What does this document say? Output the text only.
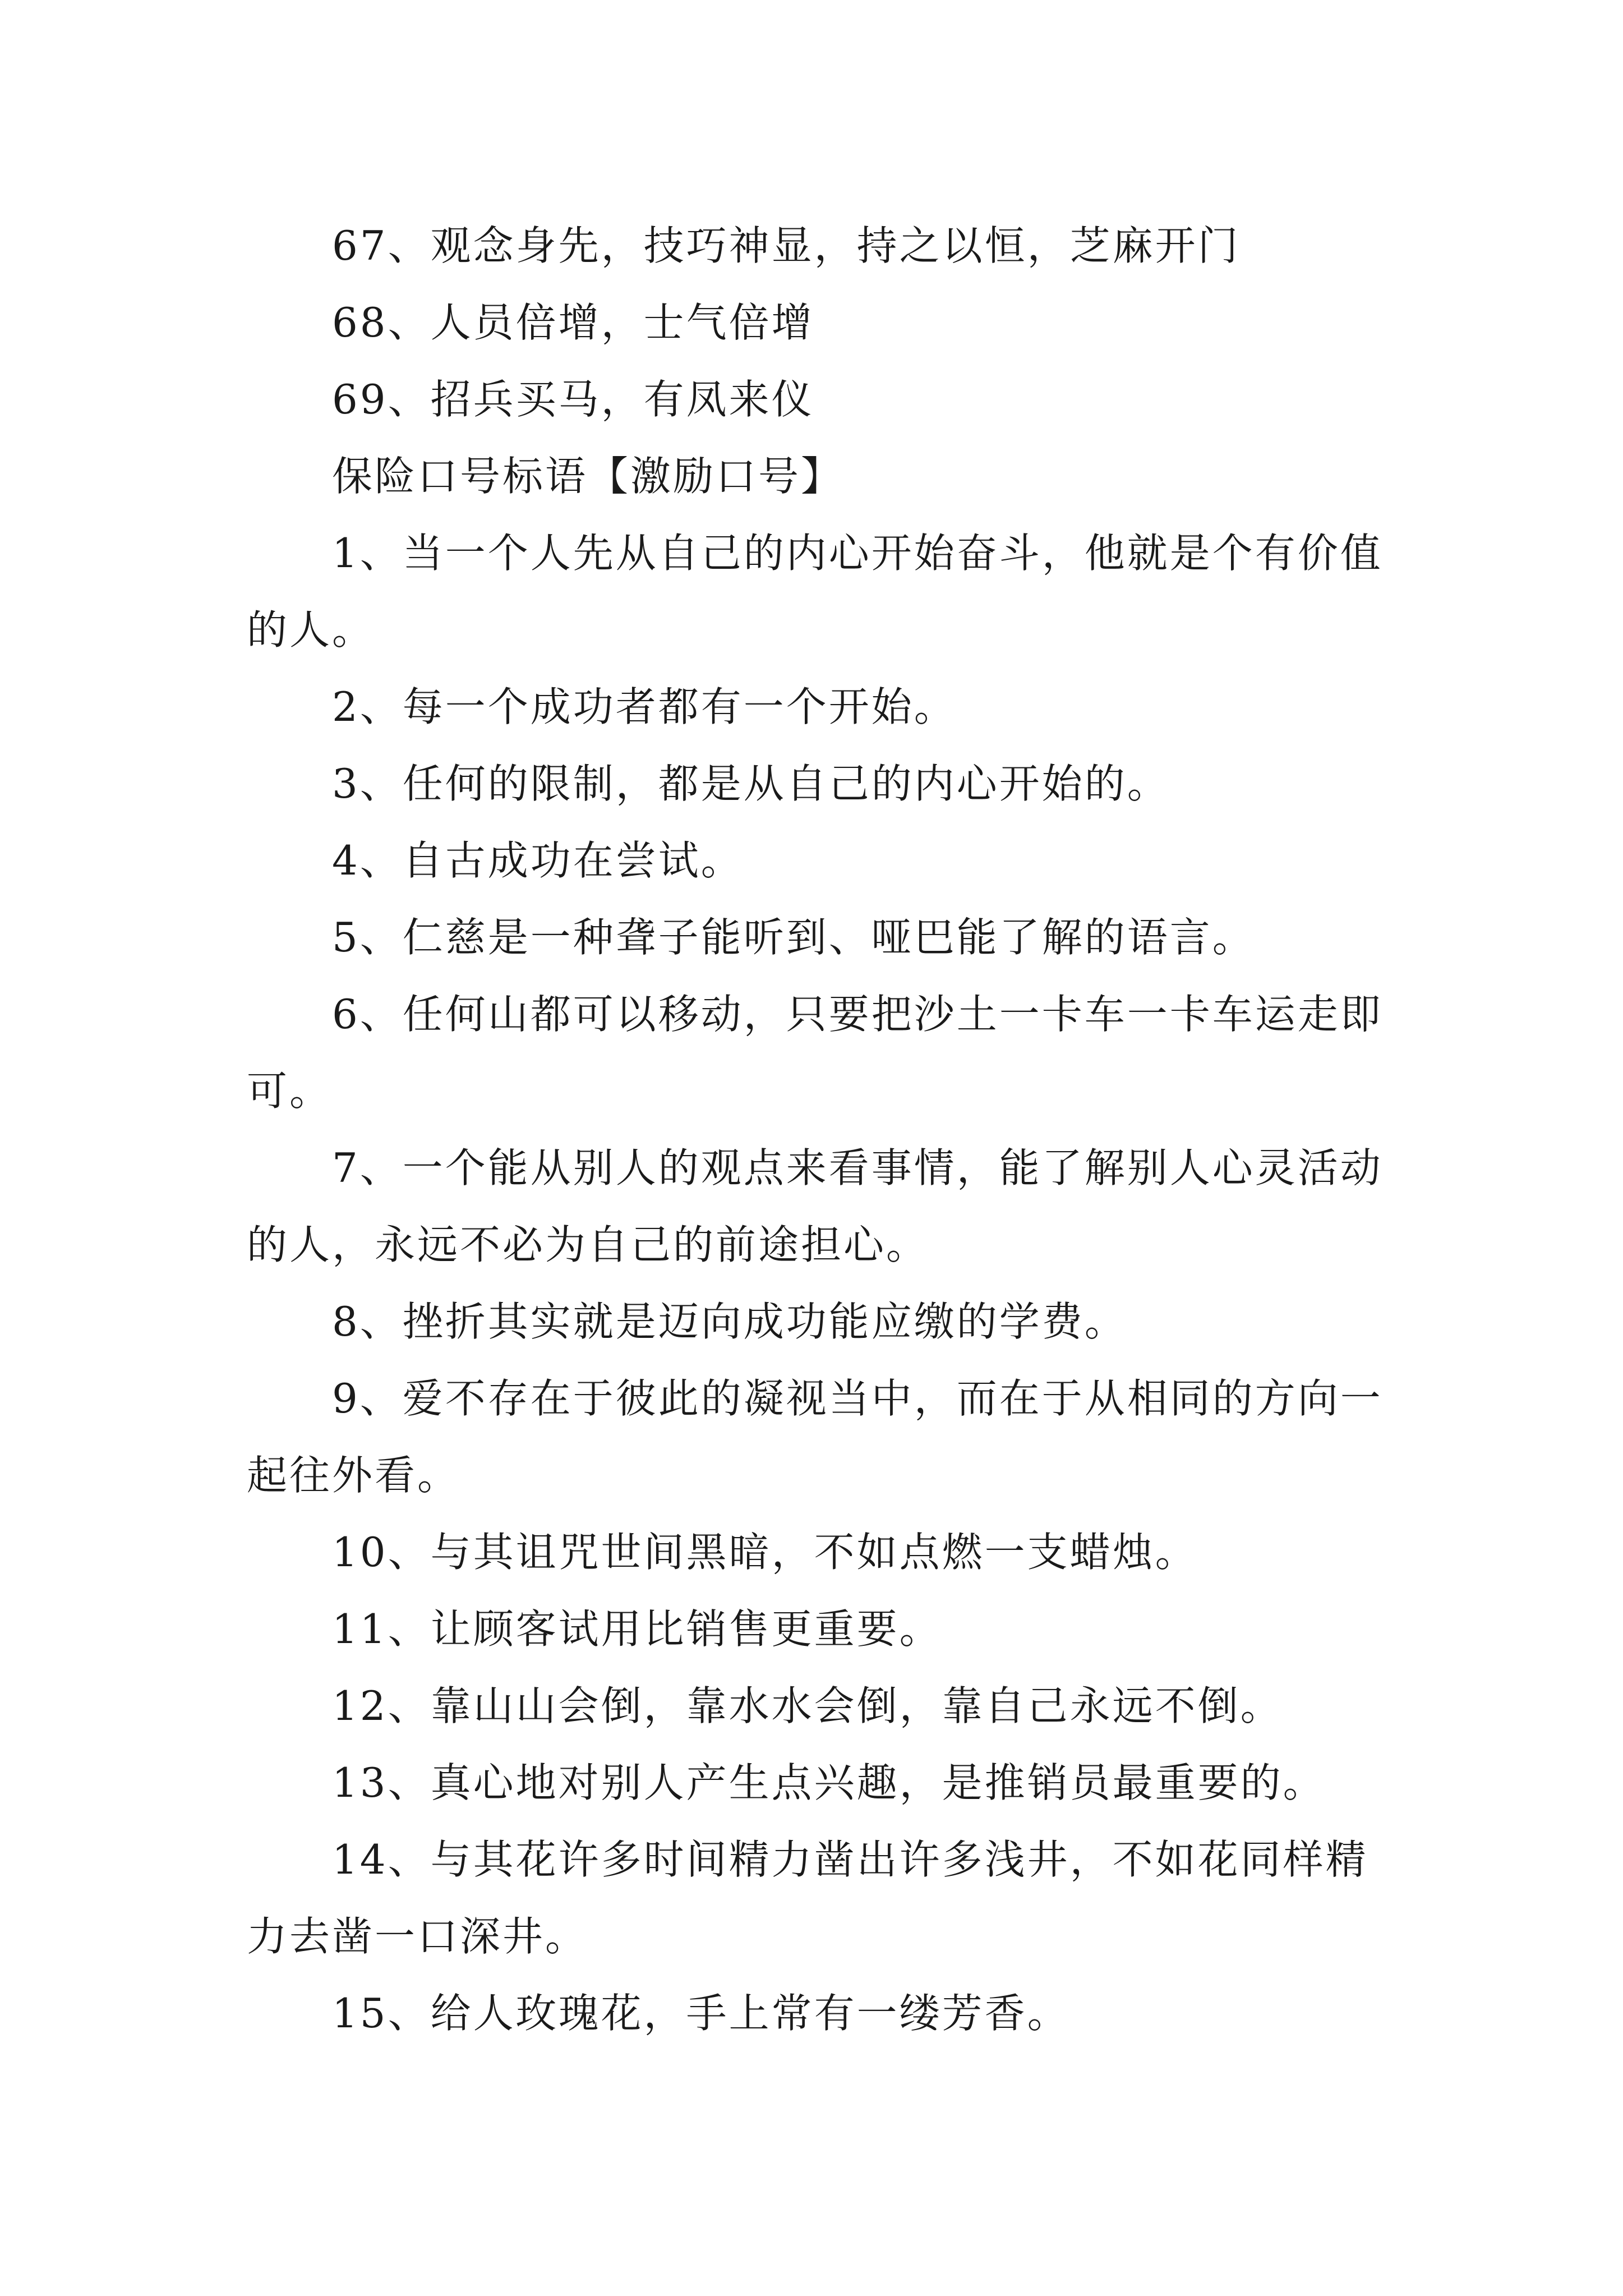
67、观念身先，技巧神显，持之以恒，芝麻开门

68、人员倍增，士气倍增

69、招兵买马，有凤来仪

保险口号标语【激励口号】

1、当一个人先从自己的内心开始奋斗，他就是个有价值的人。

2、每一个成功者都有一个开始。

3、任何的限制，都是从自己的内心开始的。

4、自古成功在尝试。

5、仁慈是一种聋子能听到、哑巴能了解的语言。

6、任何山都可以移动，只要把沙土一卡车一卡车运走即可。

7、一个能从别人的观点来看事情，能了解别人心灵活动的人，永远不必为自己的前途担心。

8、挫折其实就是迈向成功能应缴的学费。

9、爱不存在于彼此的凝视当中，而在于从相同的方向一起往外看。

10、与其诅咒世间黑暗，不如点燃一支蜡烛。

11、让顾客试用比销售更重要。

12、靠山山会倒，靠水水会倒，靠自己永远不倒。

13、真心地对别人产生点兴趣，是推销员最重要的。

14、与其花许多时间精力凿出许多浅井，不如花同样精力去凿一口深井。

15、给人玫瑰花，手上常有一缕芳香。
